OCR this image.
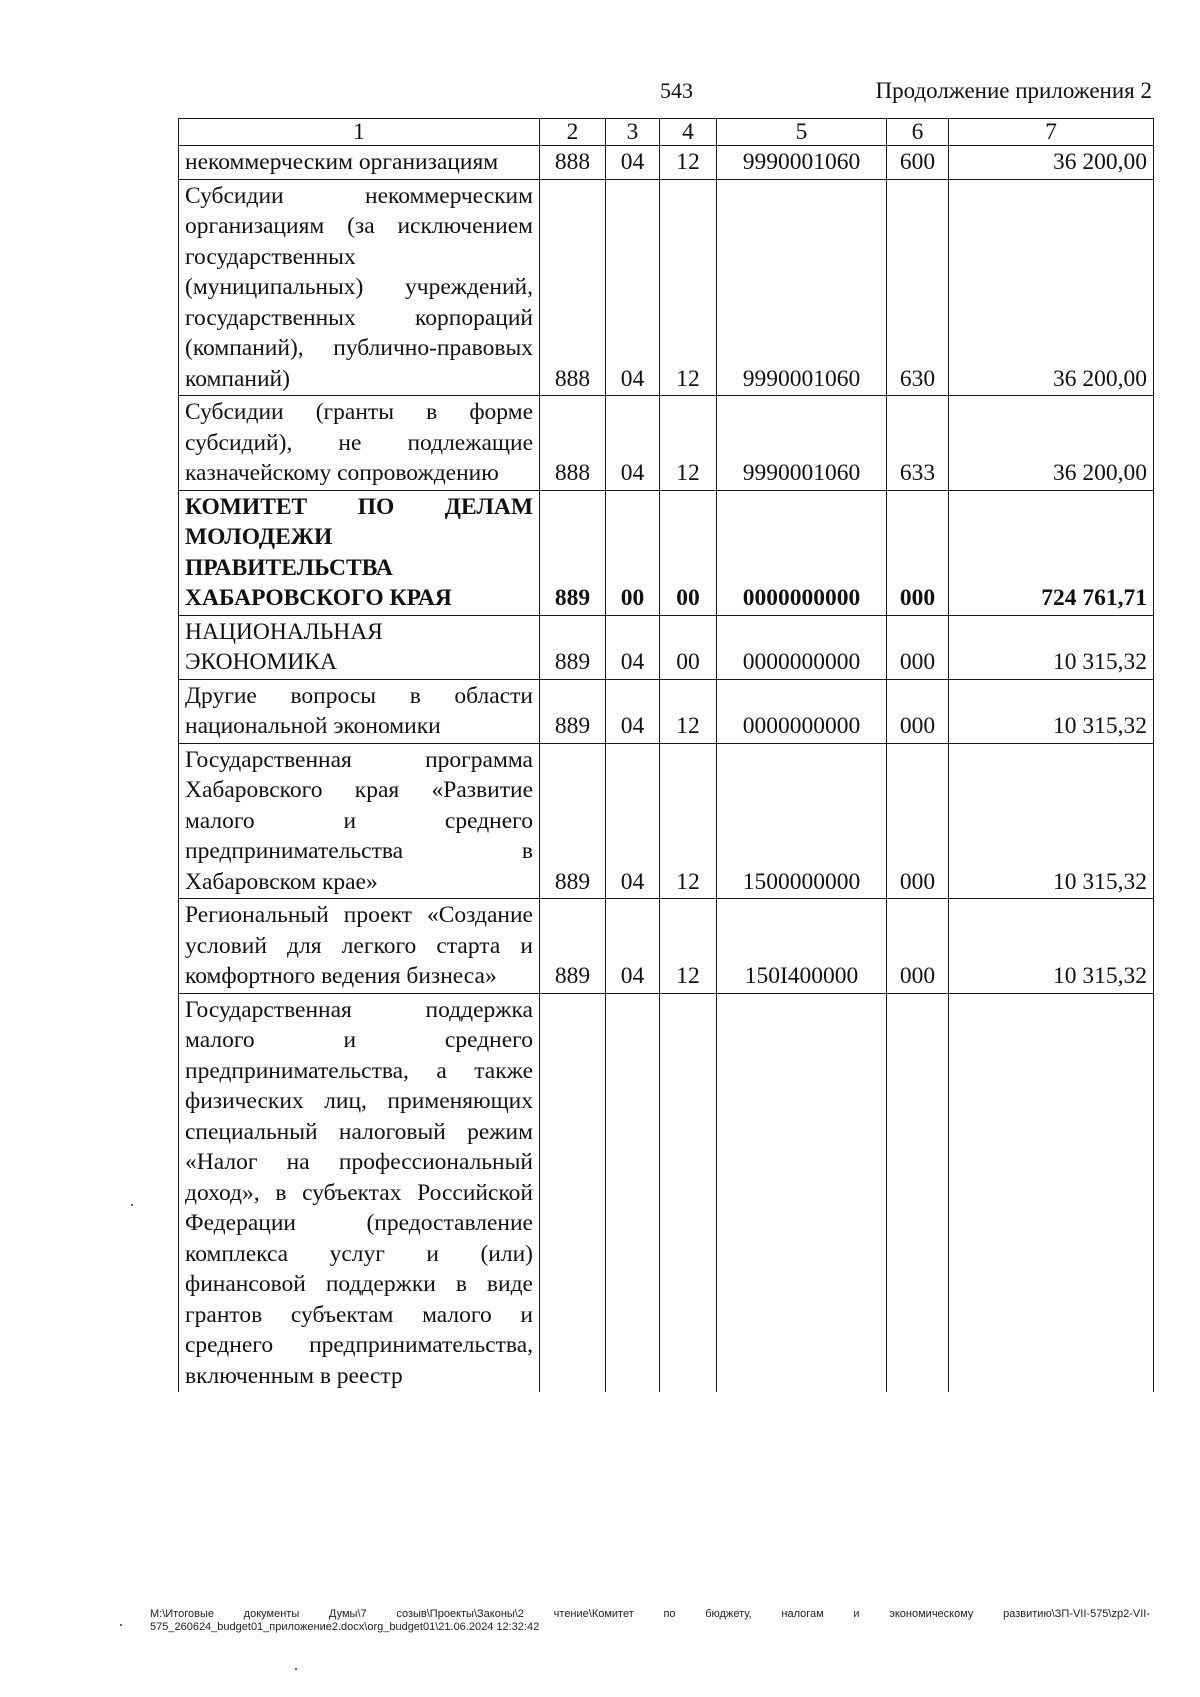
543	Продолжение приложения 2
1	2	3	4	5	6	7
некоммерческим организациям	888	04	12	9990001060	600	36 200,00
Субсидии некоммерческим организациям (за исключением государственных (муниципальных) учреждений, государственных корпораций (компаний), публично-правовых компаний)	888	04	12	9990001060	630	36 200,00
Субсидии (гранты в форме субсидий), не подлежащие казначейскому сопровождению	888	04	12	9990001060	633	36 200,00
КОМИТЕТ ПО ДЕЛАМ МОЛОДЕЖИ ПРАВИТЕЛЬСТВА ХАБАРОВСКОГО КРАЯ	889	00	00	0000000000	000	724 761,71
НАЦИОНАЛЬНАЯ ЭКОНОМИКА	889	04	00	0000000000	000	10 315,32
Другие вопросы в области национальной экономики	889	04	12	0000000000	000	10 315,32
Государственная программа Хабаровского края «Развитие малого и среднего предпринимательства в Хабаровском крае»	889	04	12	1500000000	000	10 315,32
Региональный проект «Создание условий для легкого старта и комфортного ведения бизнеса»	889	04	12	150I400000	000	10 315,32
Государственная поддержка малого и среднего предпринимательства, а также физических лиц, применяющих специальный налоговый режим «Налог на профессиональный доход», в субъектах Российской Федерации (предоставление комплекса услуг и (или) финансовой поддержки в виде грантов субъектам малого и среднего предпринимательства, включенным в реестр						
M:\Итоговые документы Думы\7 созыв\Проекты\Законы\2 чтение\Комитет по бюджету, налогам и экономическому развитию\ЗП-VII-575\zp2-VII-575_260624_budget01_приложение2.docx\org_budget01\21.06.2024 12:32:42
